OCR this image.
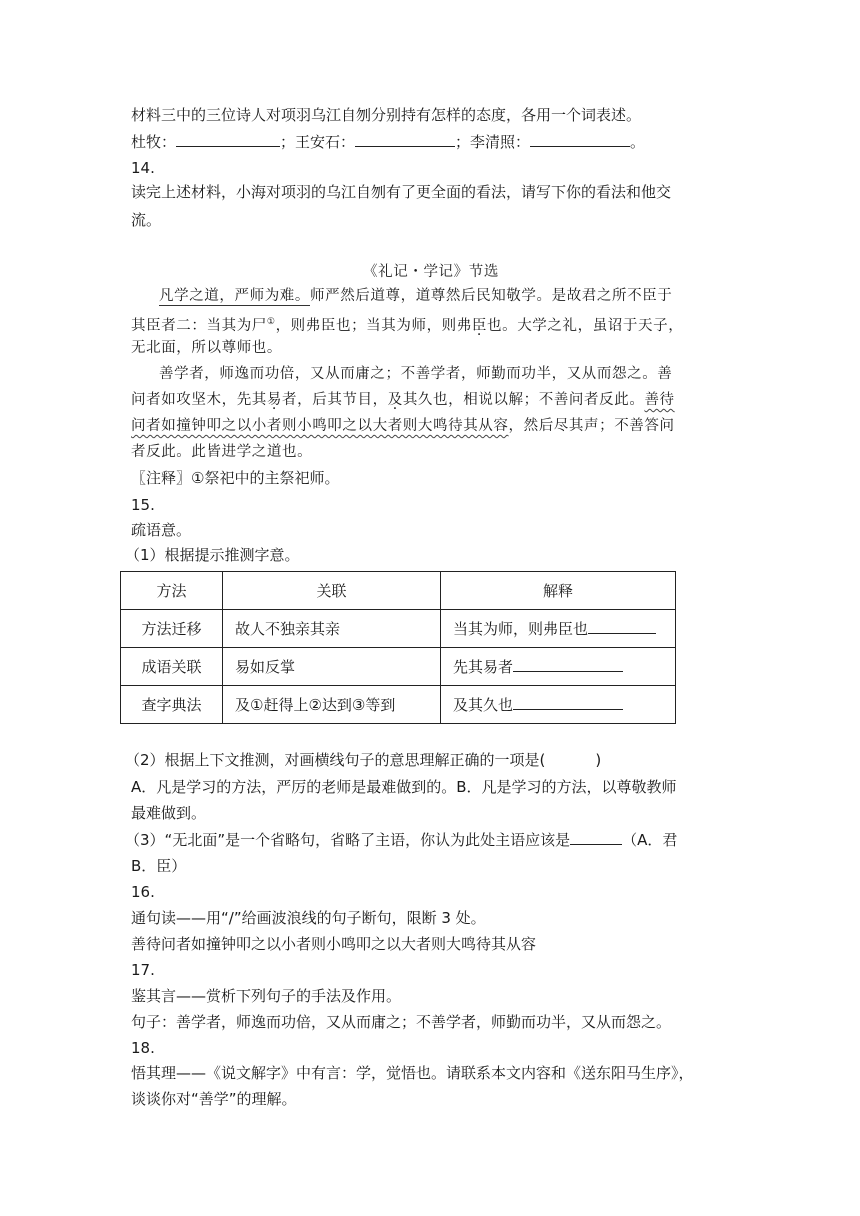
材料三中的三位诗人对项羽乌江自刎分别持有怎样的态度，各用一个词表述。
杜牧：	；王安石：	；李清照：	。
14.
读完上述材料，小海对项羽的乌江自刎有了更全面的看法，请写下你的看法和他交
流。
《礼记・学记》节选
凡学之道，严师为难。师严然后道尊，道尊然后民知敬学。是故君之所不臣于
其臣者二：当其为尸①，则弗臣也；当其为师，则弗臣也。大学之礼，虽诏于天子，
无北面，所以尊师也。
善学者，师逸而功倍，又从而庸之；不善学者，师勤而功半，又从而怨之。善
问者如攻坚木，先其易者，后其节目，及其久也，相说以解；不善问者反此。善待
问者如撞钟叩之以小者则小鸣叩之以大者则大鸣待其从容，然后尽其声；不善答问
者反此。此皆进学之道也。
〖注释〗①祭祀中的主祭祀师。
15.
疏语意。
（1）根据提示推测字意。
方法	关联	解释
方法迁移	故人不独亲其亲	当其为师，则弗臣也
成语关联	易如反掌	先其易者
查字典法	及①赶得上②达到③等到	及其久也
（2）根据上下文推测，对画横线句子的意思理解正确的一项是(	)
A．凡是学习的方法，严厉的老师是最难做到的。B．凡是学习的方法，以尊敬教师
最难做到。
（3）“无北面”是一个省略句，省略了主语，你认为此处主语应该是	（A．君
B．臣）
16.
通句读——用“/”给画波浪线的句子断句，限断 3 处。
善待问者如撞钟叩之以小者则小鸣叩之以大者则大鸣待其从容
17.
鉴其言——赏析下列句子的手法及作用。
句子：善学者，师逸而功倍，又从而庸之；不善学者，师勤而功半，又从而怨之。
18.
悟其理——《说文解字》中有言：学，觉悟也。请联系本文内容和《送东阳马生序》，
谈谈你对“善学”的理解。
